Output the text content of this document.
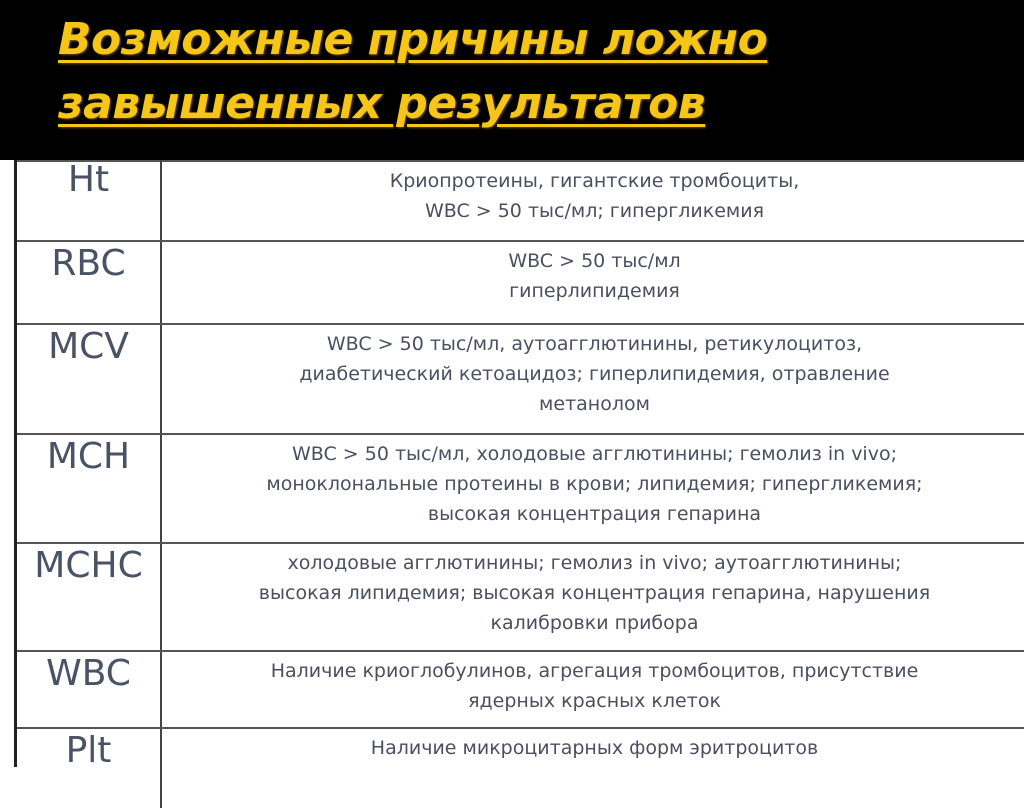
Возможные причины ложно
завышенных результатов
Ht	Криопротеины, гигантские тромбоциты,
WBC > 50 тыс/мл; гипергликемия

RBC	WBC > 50 тыс/мл
гиперлипидемия

MCV	WBC > 50 тыс/мл, аутоагглютинины, ретикулоцитоз,
диабетический кетоацидоз; гиперлипидемия, отравление
метанолом

MCH	WBC > 50 тыс/мл, холодовые агглютинины; гемолиз in vivo;
моноклональные протеины в крови; липидемия; гипергликемия;
высокая концентрация гепарина

MCHC	холодовые агглютинины; гемолиз in vivo; аутоагглютинины;
высокая липидемия; высокая концентрация гепарина, нарушения
калибровки прибора

WBC	Наличие криоглобулинов, агрегация тромбоцитов, присутствие
ядерных красных клеток

Plt	Наличие микроцитарных форм эритроцитов
